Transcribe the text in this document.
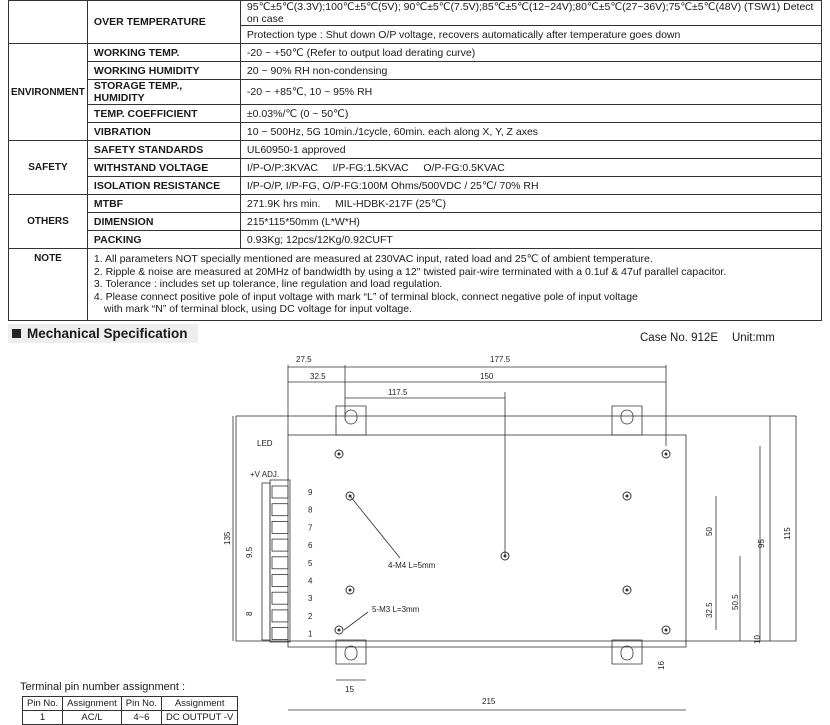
	OVER TEMPERATURE	95℃±5℃(3.3V);100℃±5℃(5V); 90℃±5℃(7.5V);85℃±5℃(12~24V);80℃±5℃(27~36V);75℃±5℃(48V) (TSW1) Detect on case
		Protection type : Shut down O/P voltage, recovers automatically after temperature goes down
ENVIRONMENT	WORKING TEMP.	-20 ~ +50℃ (Refer to output load derating curve)
	WORKING HUMIDITY	20 ~ 90% RH non-condensing
	STORAGE TEMP., HUMIDITY	-20 ~ +85℃, 10 ~ 95% RH
	TEMP. COEFFICIENT	±0.03%/℃ (0 ~ 50℃)
	VIBRATION	10 ~ 500Hz, 5G 10min./1cycle, 60min. each along X, Y, Z axes
SAFETY	SAFETY STANDARDS	UL60950-1 approved
	WITHSTAND VOLTAGE	I/P-O/P:3KVAC     I/P-FG:1.5KVAC     O/P-FG:0.5KVAC
	ISOLATION RESISTANCE	I/P-O/P, I/P-FG, O/P-FG:100M Ohms/500VDC / 25℃/ 70% RH
OTHERS	MTBF	271.9K hrs min.     MIL-HDBK-217F (25℃)
	DIMENSION	215*115*50mm (L*W*H)
	PACKING	0.93Kg; 12pcs/12Kg/0.92CUFT
NOTE	1. All parameters NOT specially mentioned are measured at 230VAC input, rated load and 25℃ of ambient temperature.
2. Ripple & noise are measured at 20MHz of bandwidth by using a 12" twisted pair-wire terminated with a 0.1uf & 47uf parallel capacitor.
3. Tolerance : includes set up tolerance, line regulation and load regulation.
4. Please connect positive pole of input voltage with mark “L” of terminal block, connect negative pole of input voltage
with mark “N” of terminal block, using DC voltage for input voltage.	
Mechanical Specification	Case No. 912E Unit:mm
9
8
7
6
5
4
3
2
1
27.5	177.5
32.5	150
117.5
LED
+V ADJ.
135
9.5
8
4-M4 L=5mm
5-M3 L=3mm
50
95
115
50.5
32.5
10
16
15
215
Terminal pin number assignment :
Pin No.	Assignment	Pin No.	Assignment
1	AC/L	4~6	DC OUTPUT -V
